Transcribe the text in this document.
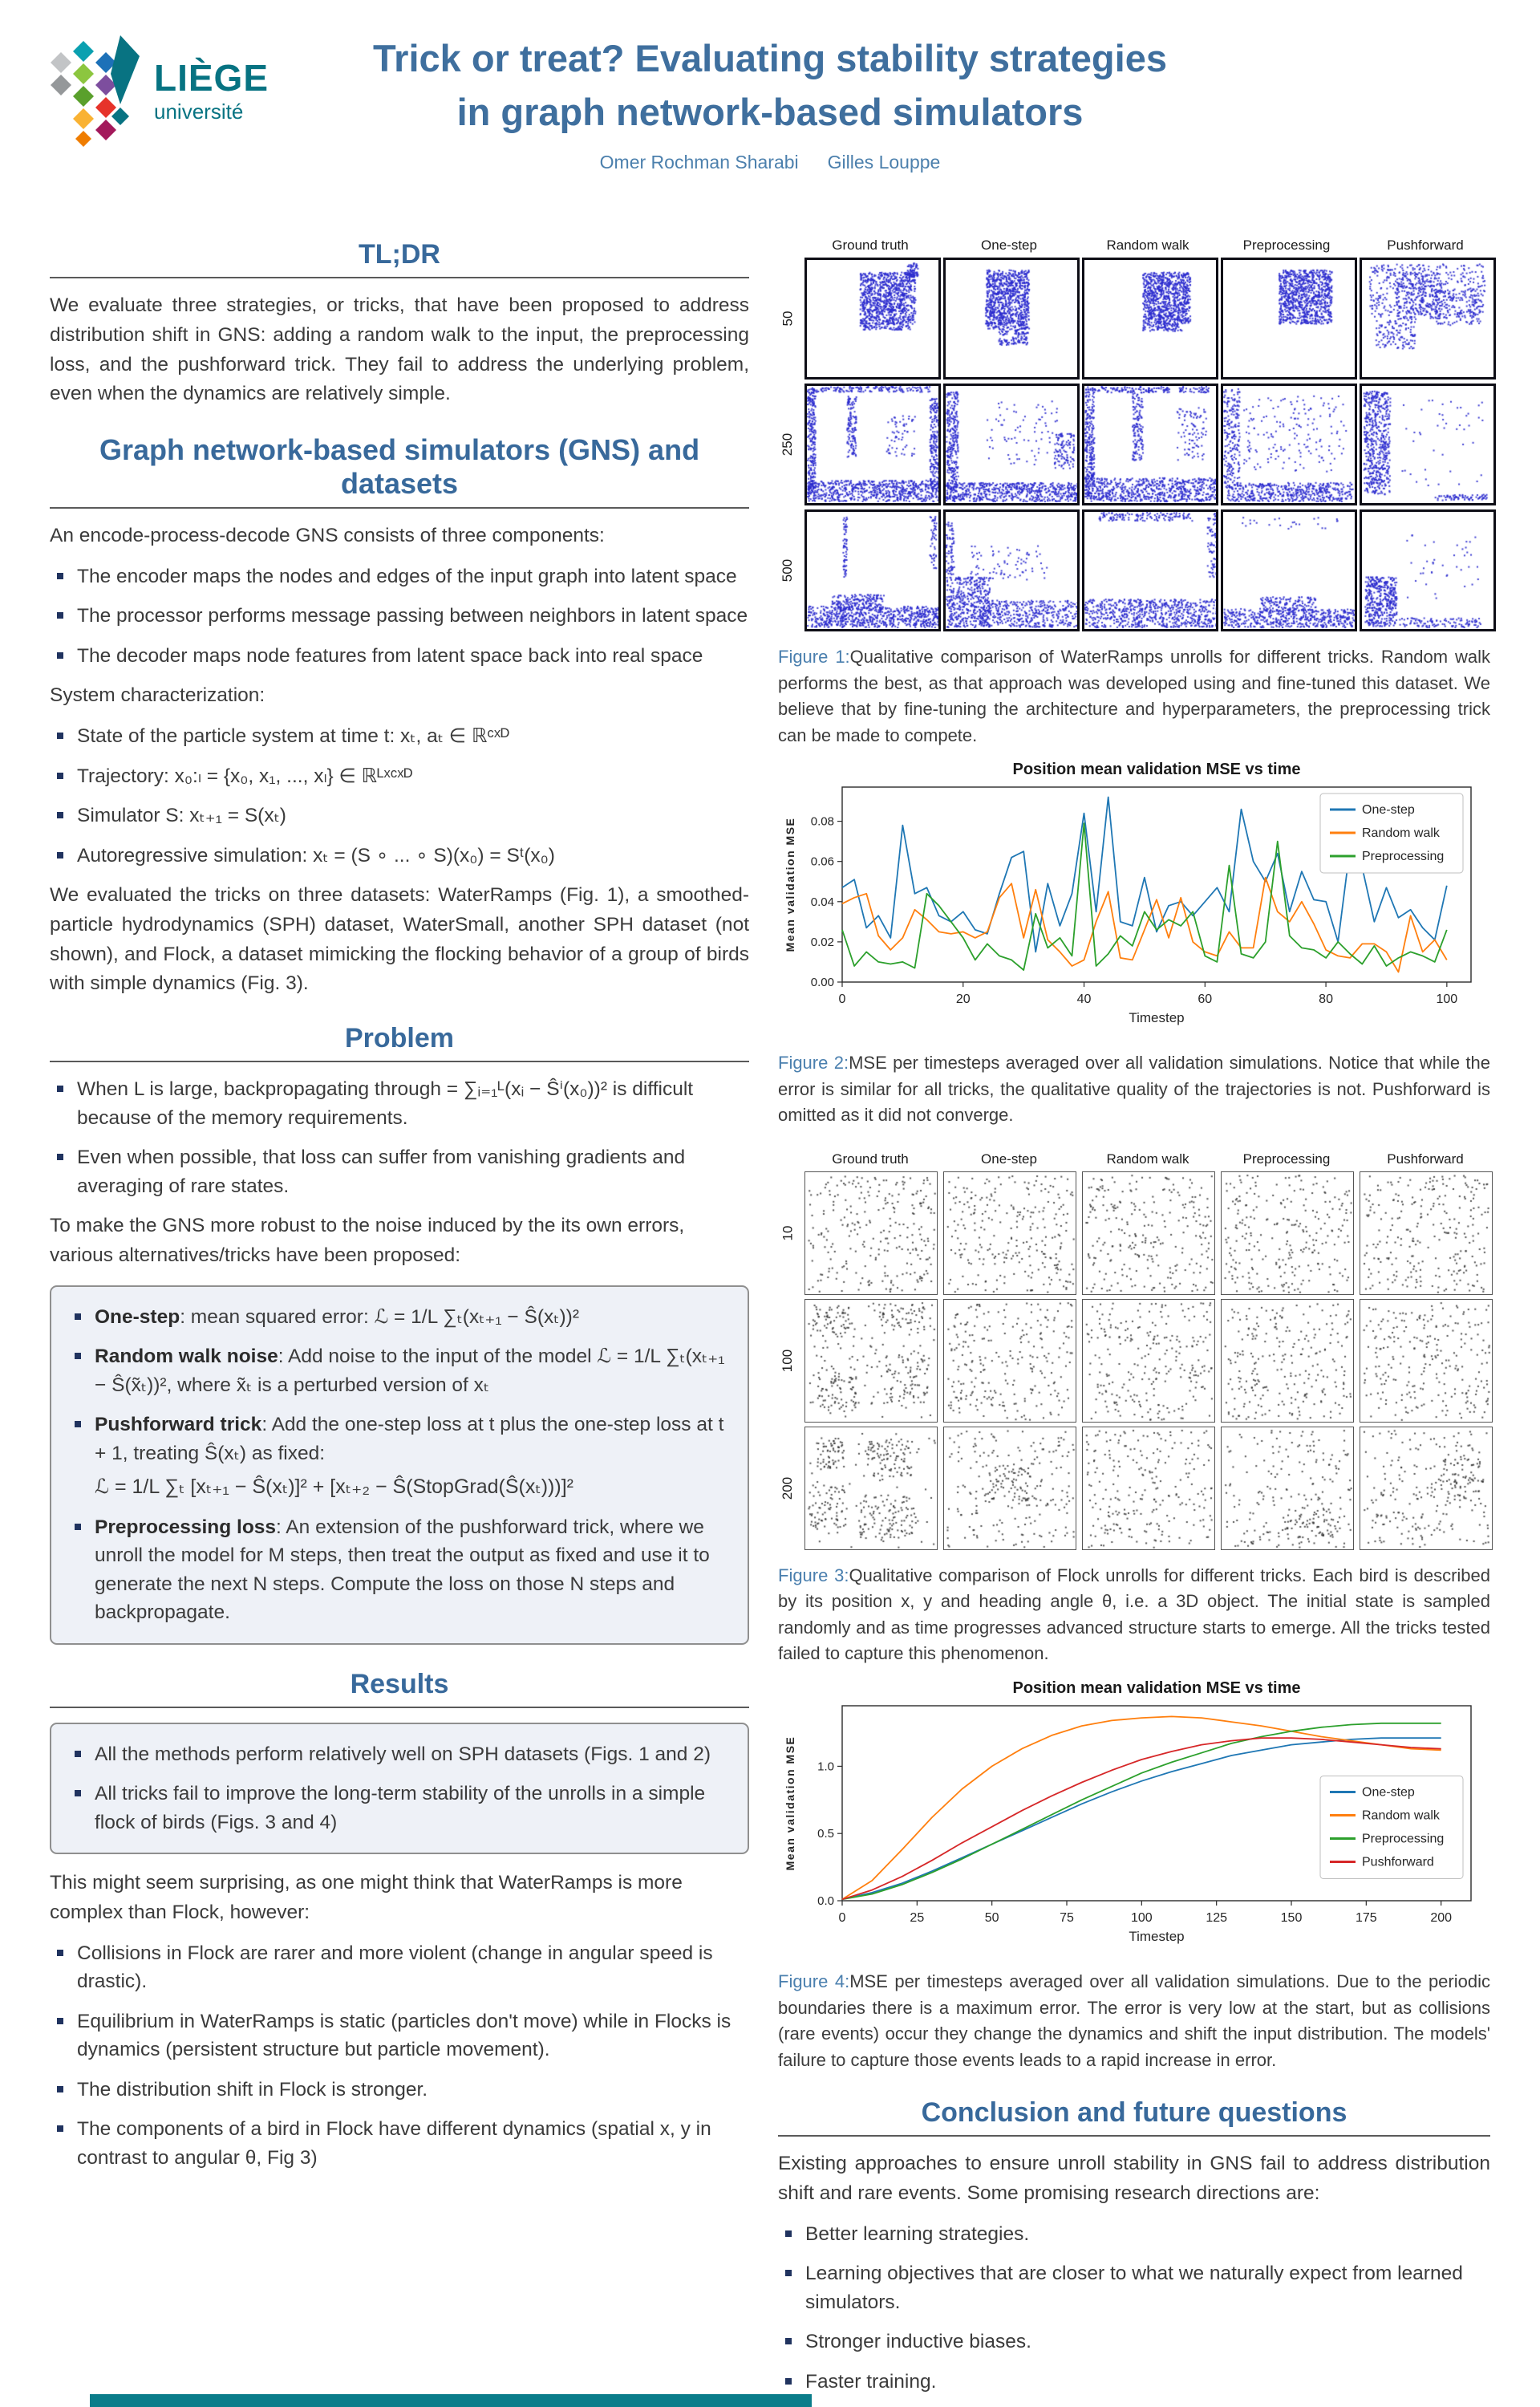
LIÈGE
université
Trick or treat? Evaluating stability strategies
in graph network-based simulators
Omer Rochman Sharabi Gilles Louppe
TL;DR

We evaluate three strategies, or tricks, that have been proposed to address distribution shift in GNS: adding a random walk to the input, the preprocessing loss, and the pushforward trick. They fail to address the underlying problem, even when the dynamics are relatively simple.

Graph network-based simulators (GNS) and datasets

An encode-process-decode GNS consists of three components:

The encoder maps the nodes and edges of the input graph into latent space
The processor performs message passing between neighbors in latent space
The decoder maps node features from latent space back into real space

System characterization:

State of the particle system at time t: xₜ, aₜ ∈ ℝᶜˣᴰ
Trajectory: x₀:ₗ = {x₀, x₁, ..., xₗ} ∈ ℝᴸˣᶜˣᴰ
Simulator S: xₜ₊₁ = S(xₜ)
Autoregressive simulation: xₜ = (S ∘ ... ∘ S)(x₀) = Sᵗ(x₀)

We evaluated the tricks on three datasets: WaterRamps (Fig. 1), a smoothed-particle hydrodynamics (SPH) dataset, WaterSmall, another SPH dataset (not shown), and Flock, a dataset mimicking the flocking behavior of a group of birds with simple dynamics (Fig. 3).

Problem
When L is large, backpropagating through = ∑ᵢ₌₁ᴸ(xᵢ − Ŝⁱ(x₀))² is difficult because of the memory requirements.
Even when possible, that loss can suffer from vanishing gradients and averaging of rare states.

To make the GNS more robust to the noise induced by the its own errors, various alternatives/tricks have been proposed:

One-step: mean squared error: ℒ = 1/L ∑ₜ(xₜ₊₁ − Ŝ(xₜ))²
Random walk noise: Add noise to the input of the model ℒ = 1/L ∑ₜ(xₜ₊₁ − Ŝ(x̃ₜ))², where x̃ₜ is a perturbed version of xₜ
Pushforward trick: Add the one-step loss at t plus the one-step loss at t + 1, treating Ŝ(xₜ) as fixed:
ℒ = 1/L ∑ₜ [xₜ₊₁ − Ŝ(xₜ)]² + [xₜ₊₂ − Ŝ(StopGrad(Ŝ(xₜ)))]²
Preprocessing loss: An extension of the pushforward trick, where we unroll the model for M steps, then treat the output as fixed and use it to generate the next N steps. Compute the loss on those N steps and backpropagate.
Results
All the methods perform relatively well on SPH datasets (Figs. 1 and 2)
All tricks fail to improve the long-term stability of the unrolls in a simple flock of birds (Figs. 3 and 4)

This might seem surprising, as one might think that WaterRamps is more complex than Flock, however:

Collisions in Flock are rarer and more violent (change in angular speed is drastic).
Equilibrium in WaterRamps is static (particles don't move) while in Flocks is dynamics (persistent structure but particle movement).
The distribution shift in Flock is stronger.
The components of a bird in Flock have different dynamics (spatial x, y in contrast to angular θ, Fig 3)
Ground truth	One-step	Random walk	Preprocessing	Pushforward
50
250
500

Figure 1:Qualitative comparison of WaterRamps unrolls for different tricks. Random walk performs the best, as that approach was developed using and fine-tuned this dataset. We believe that by fine-tuning the architecture and hyperparameters, the preprocessing trick can be made to compete.

Position mean validation MSE vs time
0	20	40	60	80	100
0.00
0.02
0.04
0.06
0.08
Timestep
Mean validation MSE
One-step
Random walk
Preprocessing

Figure 2:MSE per timesteps averaged over all validation simulations. Notice that while the error is similar for all tricks, the qualitative quality of the trajectories is not. Pushforward is omitted as it did not converge.

Ground truth	One-step	Random walk	Preprocessing	Pushforward
10
100
200

Figure 3:Qualitative comparison of Flock unrolls for different tricks. Each bird is described by its position x, y and heading angle θ, i.e. a 3D object. The initial state is sampled randomly and as time progresses advanced structure starts to emerge. All the tricks tested failed to capture this phenomenon.

Position mean validation MSE vs time
0	25	50	75	100	125	150	175	200
0.0
0.5
1.0
Timestep
Mean validation MSE	One-step
Random walk
Preprocessing
Pushforward

Figure 4:MSE per timesteps averaged over all validation simulations. Due to the periodic boundaries there is a maximum error. The error is very low at the start, but as collisions (rare events) occur they change the dynamics and shift the input distribution. The models' failure to capture those events leads to a rapid increase in error.

Conclusion and future questions

Existing approaches to ensure unroll stability in GNS fail to address distribution shift and rare events. Some promising research directions are:

Better learning strategies.
Learning objectives that are closer to what we naturally expect from learned simulators.
Stronger inductive biases.
Faster training.
